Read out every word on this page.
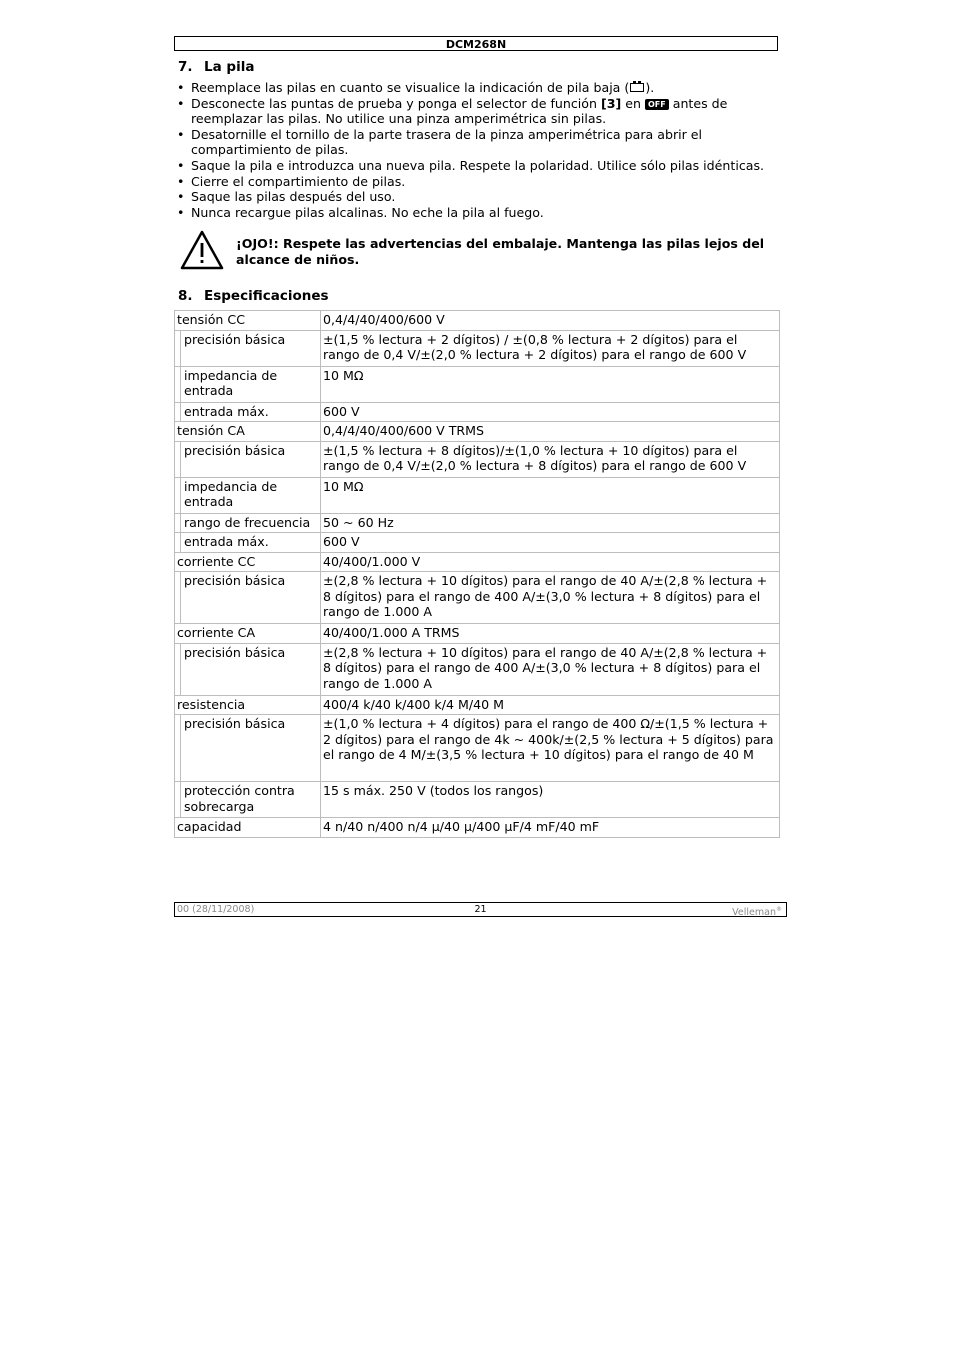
DCM268N
7. La pila
• Reemplace las pilas en cuanto se visualice la indicación de pila baja ( ).
• Desconecte las puntas de prueba y ponga el selector de función [3] en OFF antes de reemplazar las pilas. No utilice una pinza amperimétrica sin pilas.
• Desatornille el tornillo de la parte trasera de la pinza amperimétrica para abrir el compartimiento de pilas.
• Saque la pila e introduzca una nueva pila. Respete la polaridad. Utilice sólo pilas idénticas.
• Cierre el compartimiento de pilas.
• Saque las pilas después del uso.
• Nunca recargue pilas alcalinas. No eche la pila al fuego.
¡OJO!: Respete las advertencias del embalaje. Mantenga las pilas lejos del alcance de niños.
8. Especificaciones
tensión CC	0,4/4/40/400/600 V

precisión básica	±(1,5 % lectura + 2 dígitos) / ±(0,8 % lectura + 2 dígitos) para el rango de 0,4 V/±(2,0 % lectura + 2 dígitos) para el rango de 600 V

impedancia de entrada	10 MΩ

entrada máx.	600 V
tensión CA	0,4/4/40/400/600 V TRMS

precisión básica	±(1,5 % lectura + 8 dígitos)/±(1,0 % lectura + 10 dígitos) para el rango de 0,4 V/±(2,0 % lectura + 8 dígitos) para el rango de 600 V

impedancia de entrada	10 MΩ

rango de frecuencia	50 ~ 60 Hz

entrada máx.	600 V
corriente CC	40/400/1.000 V

precisión básica	±(2,8 % lectura + 10 dígitos) para el rango de 40 A/±(2,8 % lectura + 8 dígitos) para el rango de 400 A/±(3,0 % lectura + 8 dígitos) para el rango de 1.000 A
corriente CA	40/400/1.000 A TRMS

precisión básica	±(2,8 % lectura + 10 dígitos) para el rango de 40 A/±(2,8 % lectura + 8 dígitos) para el rango de 400 A/±(3,0 % lectura + 8 dígitos) para el rango de 1.000 A
resistencia	400/4 k/40 k/400 k/4 M/40 M

precisión básica	±(1,0 % lectura + 4 dígitos) para el rango de 400 Ω/±(1,5 % lectura + 2 dígitos) para el rango de 4k ~ 400k/±(2,5 % lectura + 5 dígitos) para el rango de 4 M/±(3,5 % lectura + 10 dígitos) para el rango de 40 M

protección contra sobrecarga	15 s máx. 250 V (todos los rangos)
capacidad	4 n/40 n/400 n/4 µ/40 µ/400 µF/4 mF/40 mF
00 (28/11/2008)	21	Velleman®
